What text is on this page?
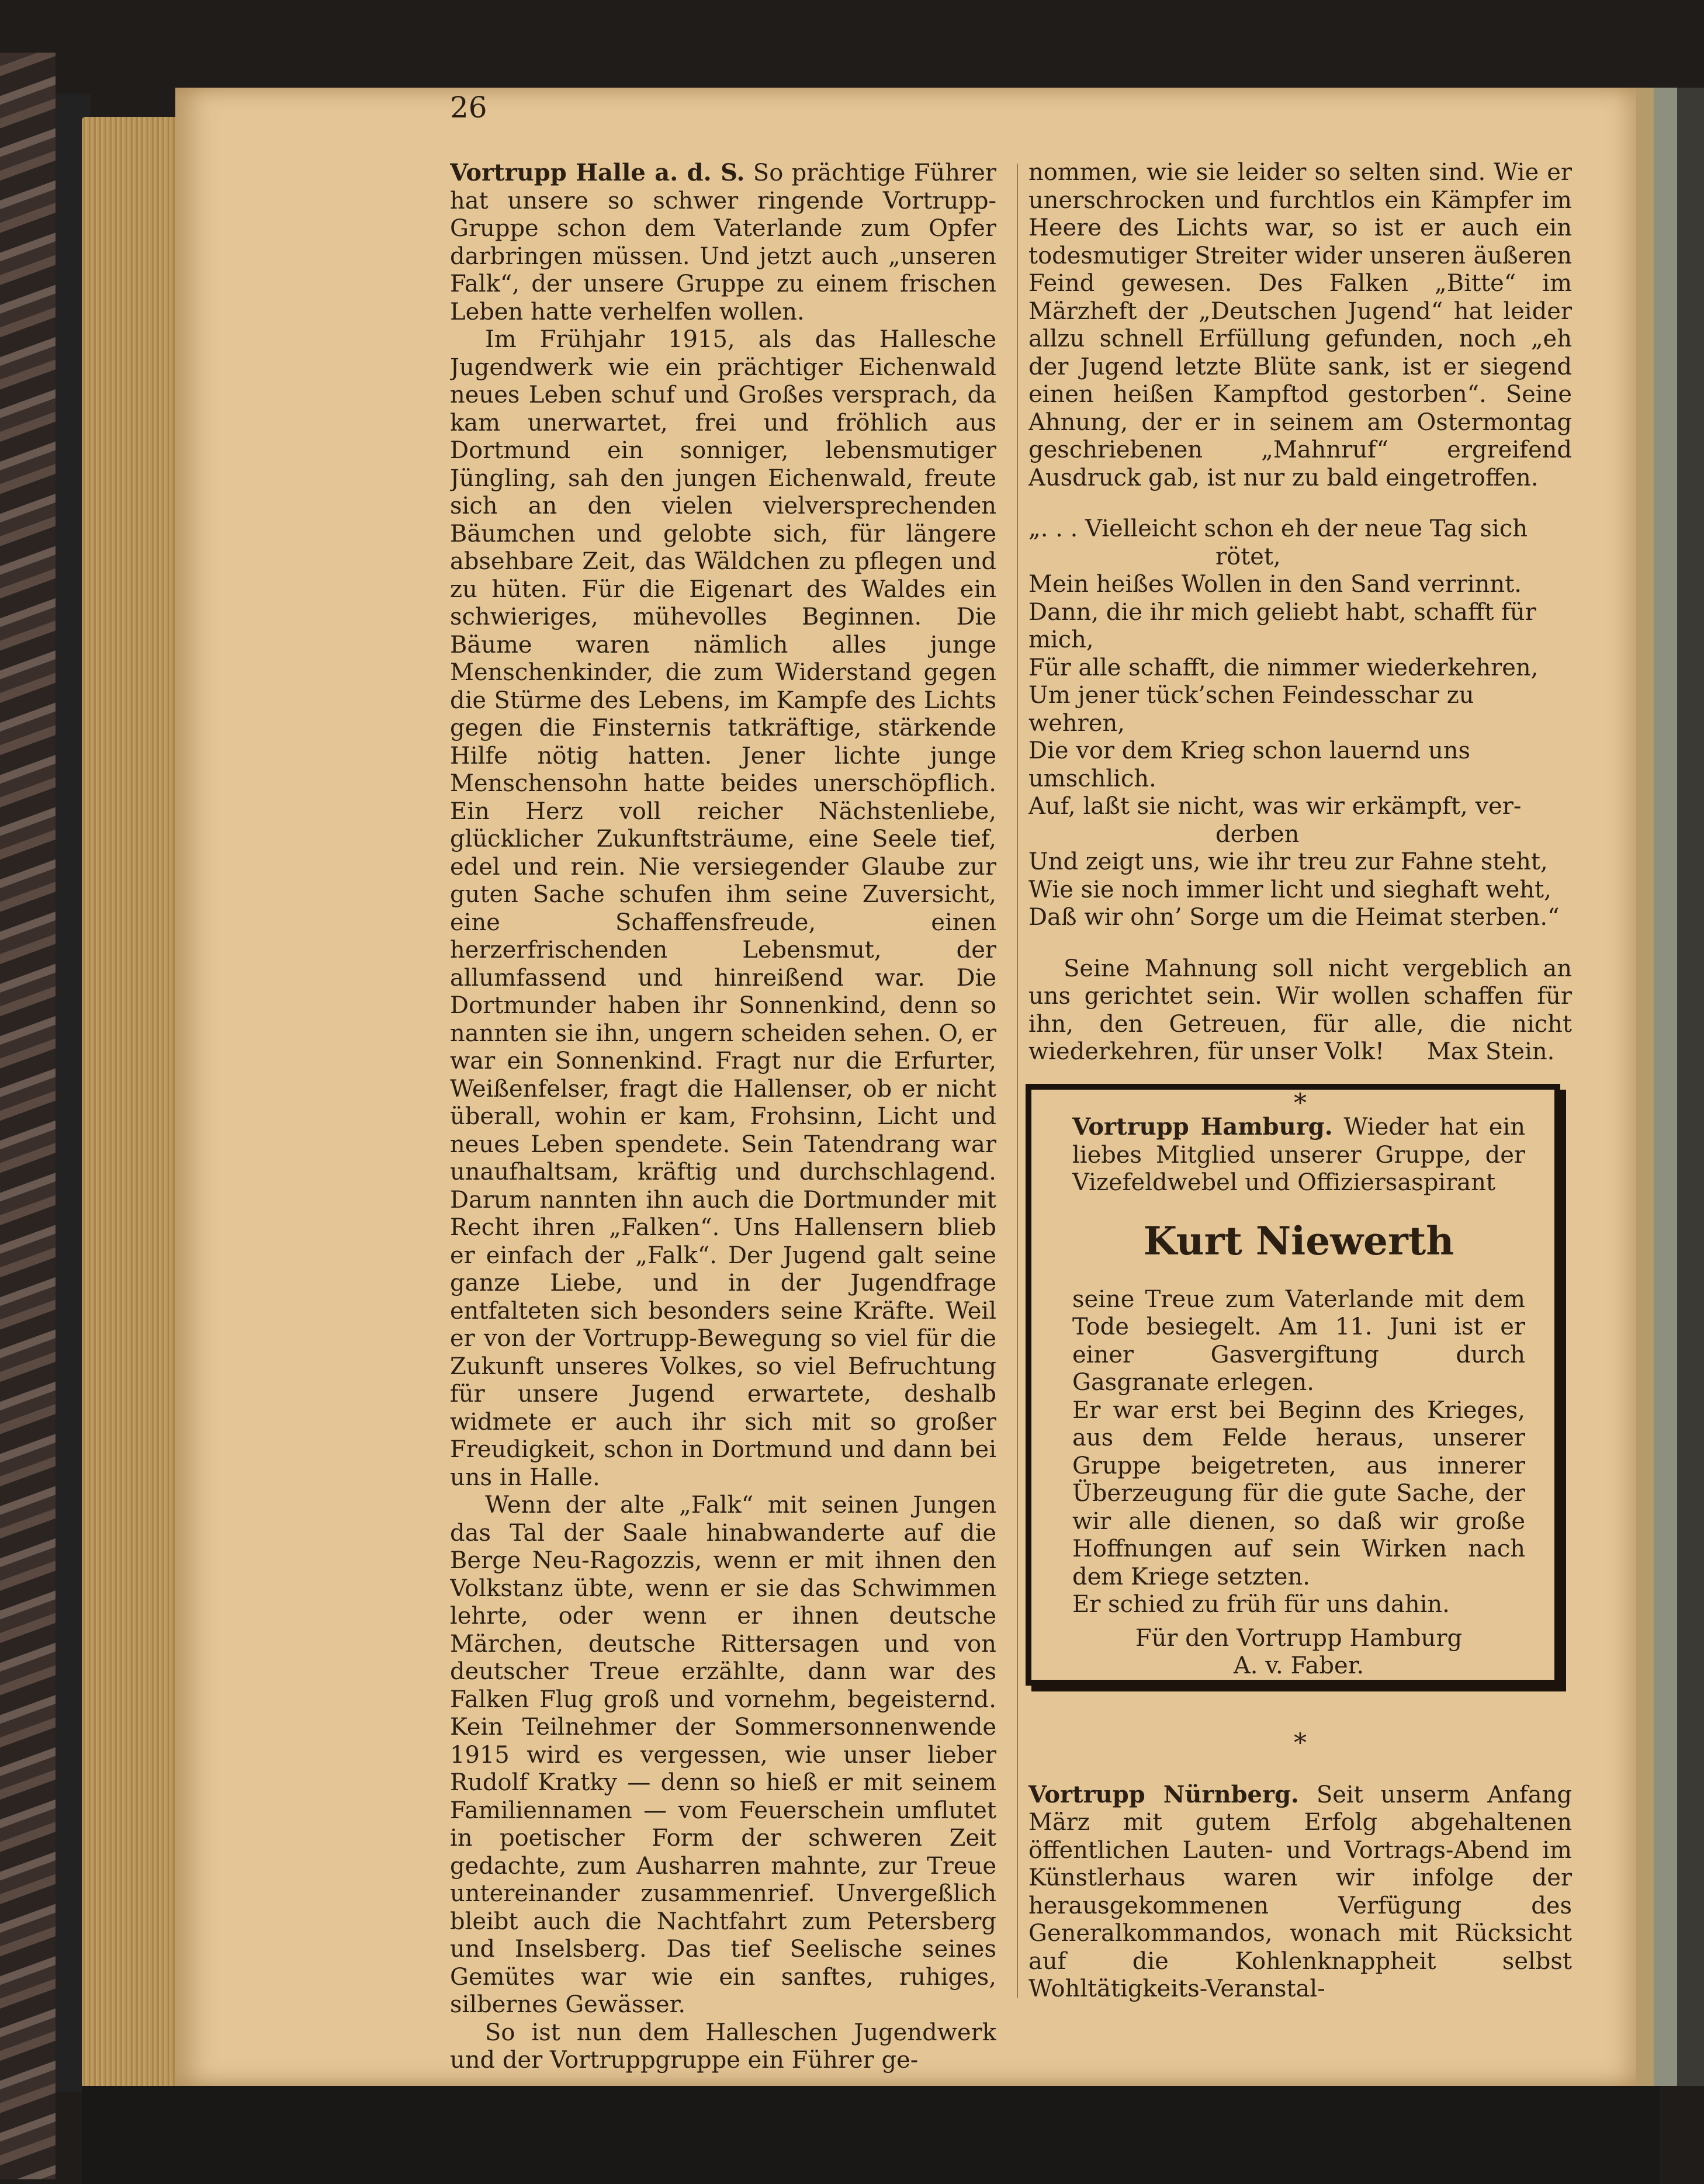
26

Vortrupp Halle a. d. S. So prächtige Führer hat unsere so schwer ringende Vortrupp-Gruppe schon dem Vaterlande zum Opfer darbringen müssen. Und jetzt auch „unseren Falk“, der unsere Gruppe zu einem frischen Leben hatte verhelfen wollen.

Im Frühjahr 1915, als das Hallesche Jugendwerk wie ein prächtiger Eichenwald neues Leben schuf und Großes versprach, da kam unerwartet, frei und fröhlich aus Dortmund ein sonniger, lebensmutiger Jüngling, sah den jungen Eichenwald, freute sich an den vielen vielversprechenden Bäumchen und gelobte sich, für längere absehbare Zeit, das Wäldchen zu pflegen und zu hüten. Für die Eigenart des Waldes ein schwieriges, mühevolles Beginnen. Die Bäume waren nämlich alles junge Menschenkinder, die zum Widerstand gegen die Stürme des Lebens, im Kampfe des Lichts gegen die Finsternis tatkräftige, stärkende Hilfe nötig hatten. Jener lichte junge Menschensohn hatte beides unerschöpflich. Ein Herz voll reicher Nächstenliebe, glücklicher Zukunftsträume, eine Seele tief, edel und rein. Nie versiegender Glaube zur guten Sache schufen ihm seine Zuversicht, eine Schaffensfreude, einen herzerfrischenden Lebensmut, der allumfassend und hinreißend war. Die Dortmunder haben ihr Sonnenkind, denn so nannten sie ihn, ungern scheiden sehen. O, er war ein Sonnenkind. Fragt nur die Erfurter, Weißenfelser, fragt die Hallenser, ob er nicht überall, wohin er kam, Frohsinn, Licht und neues Leben spendete. Sein Tatendrang war unaufhaltsam, kräftig und durchschlagend. Darum nannten ihn auch die Dortmunder mit Recht ihren „Falken“. Uns Hallensern blieb er einfach der „Falk“. Der Jugend galt seine ganze Liebe, und in der Jugendfrage entfalteten sich besonders seine Kräfte. Weil er von der Vortrupp-Bewegung so viel für die Zukunft unseres Volkes, so viel Befruchtung für unsere Jugend erwartete, deshalb widmete er auch ihr sich mit so großer Freudigkeit, schon in Dortmund und dann bei uns in Halle.

Wenn der alte „Falk“ mit seinen Jungen das Tal der Saale hinabwanderte auf die Berge Neu-Ragozzis, wenn er mit ihnen den Volkstanz übte, wenn er sie das Schwimmen lehrte, oder wenn er ihnen deutsche Märchen, deutsche Rittersagen und von deutscher Treue erzählte, dann war des Falken Flug groß und vornehm, begeisternd. Kein Teilnehmer der Sommersonnenwende 1915 wird es vergessen, wie unser lieber Rudolf Kratky — denn so hieß er mit seinem Familiennamen — vom Feuerschein umflutet in poetischer Form der schweren Zeit gedachte, zum Ausharren mahnte, zur Treue untereinander zusammenrief. Unvergeßlich bleibt auch die Nachtfahrt zum Petersberg und Inselsberg. Das tief Seelische seines Gemütes war wie ein sanftes, ruhiges, silbernes Gewässer.

So ist nun dem Halleschen Jugendwerk und der Vortruppgruppe ein Führer ge-

nommen, wie sie leider so selten sind. Wie er unerschrocken und furchtlos ein Kämpfer im Heere des Lichts war, so ist er auch ein todesmutiger Streiter wider unseren äußeren Feind gewesen. Des Falken „Bitte“ im Märzheft der „Deutschen Jugend“ hat leider allzu schnell Erfüllung gefunden, noch „eh der Jugend letzte Blüte sank, ist er siegend einen heißen Kampftod gestorben“. Seine Ahnung, der er in seinem am Ostermontag geschriebenen „Mahnruf“ ergreifend Ausdruck gab, ist nur zu bald eingetroffen.

„. . . Vielleicht schon eh der neue Tag sich

rötet,

Mein heißes Wollen in den Sand verrinnt.

Dann, die ihr mich geliebt habt, schafft für mich,

Für alle schafft, die nimmer wiederkehren,

Um jener tück’schen Feindesschar zu wehren,

Die vor dem Krieg schon lauernd uns umschlich.

Auf, laßt sie nicht, was wir erkämpft, ver-

derben

Und zeigt uns, wie ihr treu zur Fahne steht,

Wie sie noch immer licht und sieghaft weht,

Daß wir ohn’ Sorge um die Heimat sterben.“

Seine Mahnung soll nicht vergeblich an uns gerichtet sein. Wir wollen schaffen für ihn, den Getreuen, für alle, die nicht wiederkehren, für unser Volk! Max Stein.

*

Vortrupp Hamburg. Wieder hat ein liebes Mitglied unserer Gruppe, der Vizefeldwebel und Offiziersaspirant

Kurt Niewerth

seine Treue zum Vaterlande mit dem Tode besiegelt. Am 11. Juni ist er einer Gasvergiftung durch Gasgranate erlegen.

Er war erst bei Beginn des Krieges, aus dem Felde heraus, unserer Gruppe beigetreten, aus innerer Überzeugung für die gute Sache, der wir alle dienen, so daß wir große Hoffnungen auf sein Wirken nach dem Kriege setzten.

Er schied zu früh für uns dahin.

Für den Vortrupp Hamburg

A. v. Faber.

*

Vortrupp Nürnberg. Seit unserm Anfang März mit gutem Erfolg abgehaltenen öffentlichen Lauten- und Vortrags-Abend im Künstlerhaus waren wir infolge der herausgekommenen Verfügung des Generalkommandos, wonach mit Rücksicht auf die Kohlenknappheit selbst Wohltätigkeits-Veranstal-
